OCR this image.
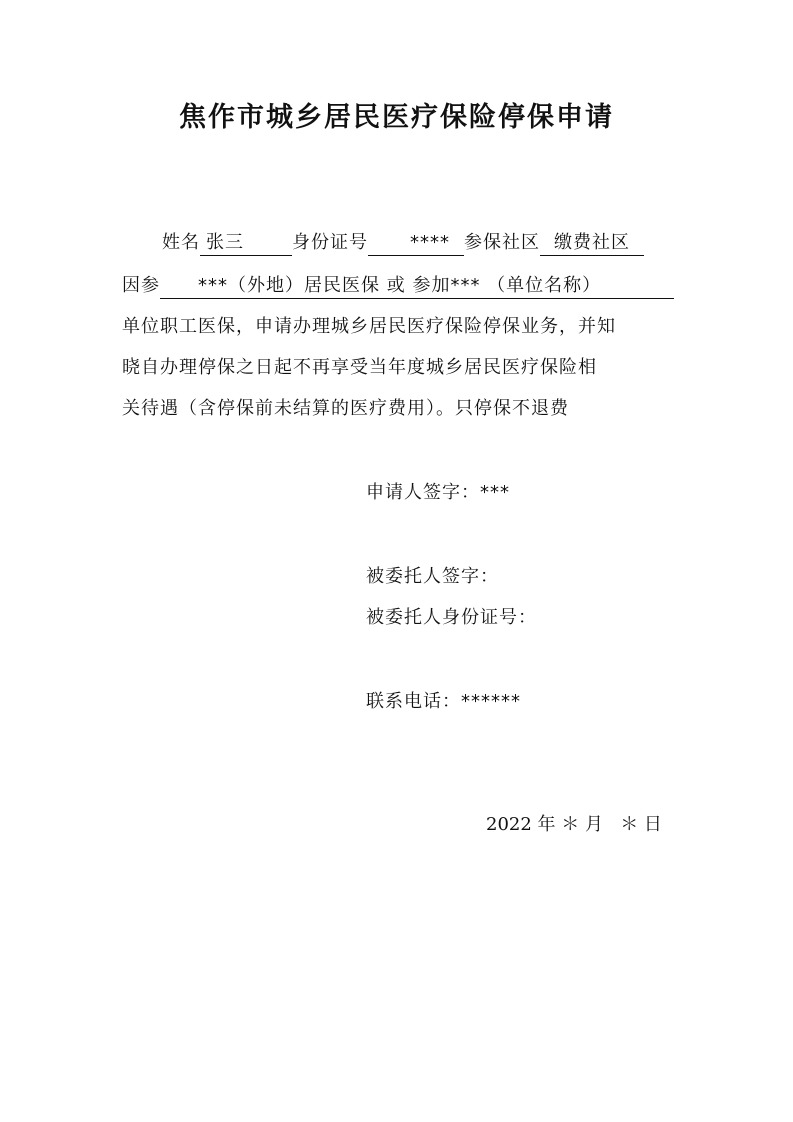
焦作市城乡居民医疗保险停保申请
姓名 张三	身份证号 **** 参保社区 缴费社区
因参 ***（外地）居民医保 或 参加*** （单位名称）
单位职工医保，申请办理城乡居民医疗保险停保业务，并知
晓自办理停保之日起不再享受当年度城乡居民医疗保险相
关待遇（含停保前未结算的医疗费用）。只停保不退费
申请人签字：***
被委托人签字：
被委托人身份证号：
联系电话：******
2022 年 ＊ 月 ＊ 日
